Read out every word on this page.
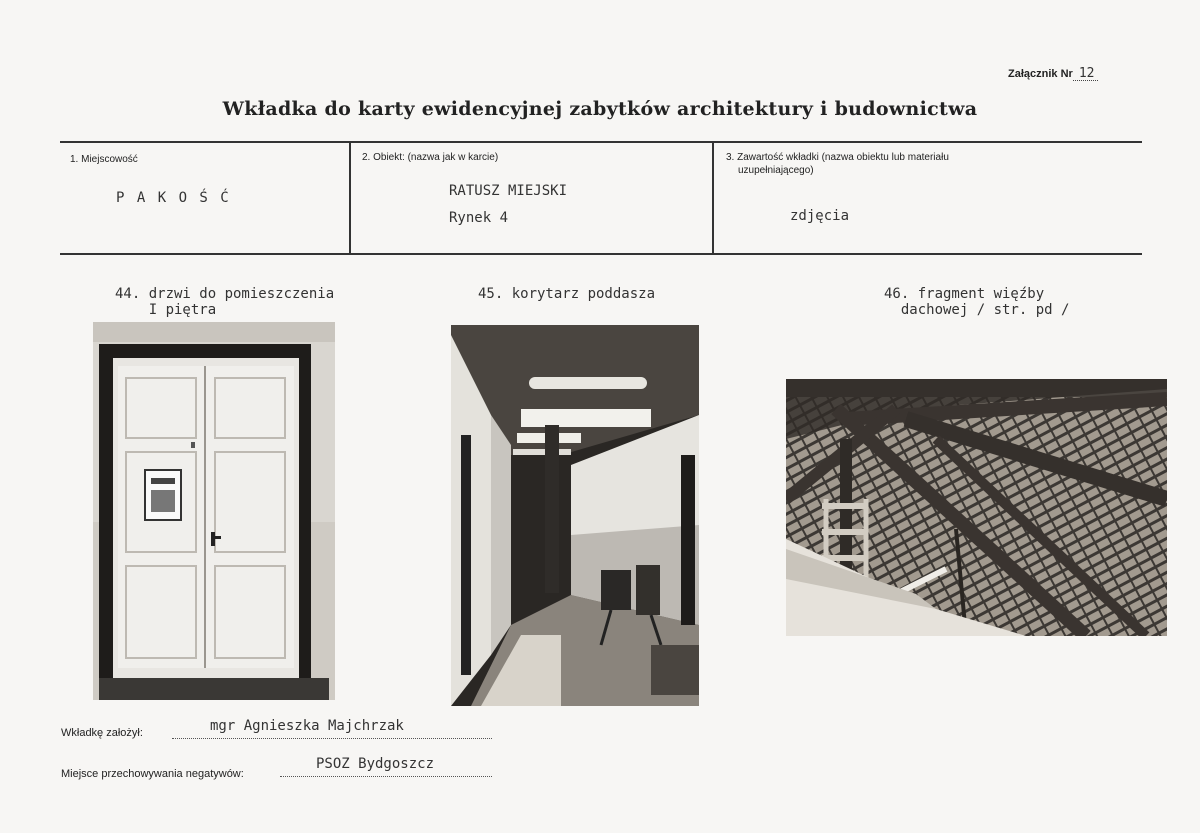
Załącznik Nr 12
Wkładka do karty ewidencyjnej zabytków architektury i budownictwa
1. Miejscowość
P A K O Ś Ć
2. Obiekt: (nazwa jak w karcie)
RATUSZ MIEJSKI
Rynek 4
3. Zawartość wkładki (nazwa obiektu lub materiału
uzupełniającego)
zdjęcia
44. drzwi do pomieszczenia
I piętra
45. korytarz poddasza	46. fragment więźby
dachowej / str. pd /
Wkładkę założył:	mgr Agnieszka Majchrzak
Miejsce przechowywania negatywów:
PSOZ Bydgoszcz
